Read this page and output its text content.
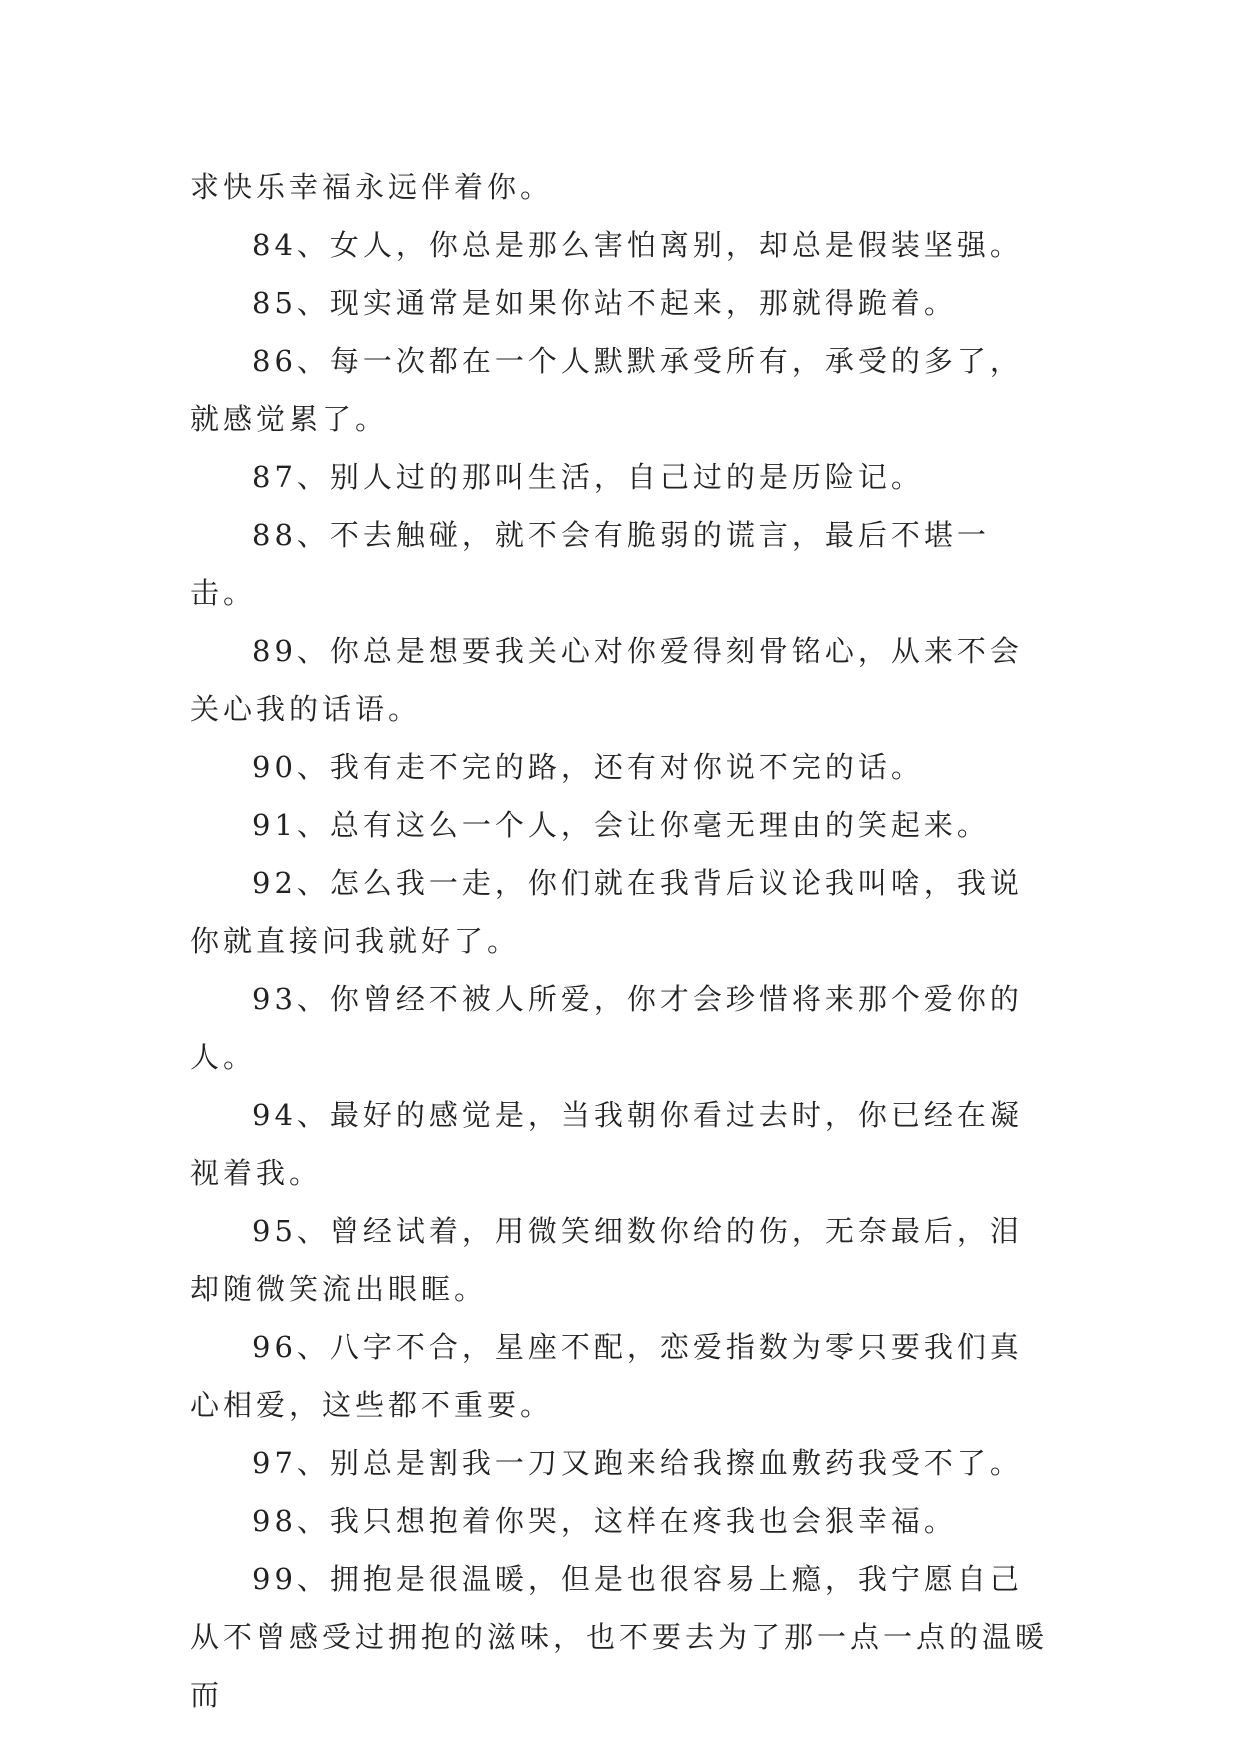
求快乐幸福永远伴着你。

84、女人，你总是那么害怕离别，却总是假装坚强。

85、现实通常是如果你站不起来，那就得跪着。

86、每一次都在一个人默默承受所有，承受的多了，就感觉累了。

87、别人过的那叫生活，自己过的是历险记。

88、不去触碰，就不会有脆弱的谎言，最后不堪一击。

89、你总是想要我关心对你爱得刻骨铭心，从来不会关心我的话语。

90、我有走不完的路，还有对你说不完的话。

91、总有这么一个人，会让你毫无理由的笑起来。

92、怎么我一走，你们就在我背后议论我叫啥，我说你就直接问我就好了。

93、你曾经不被人所爱，你才会珍惜将来那个爱你的人。

94、最好的感觉是，当我朝你看过去时，你已经在凝视着我。

95、曾经试着，用微笑细数你给的伤，无奈最后，泪却随微笑流出眼眶。

96、八字不合，星座不配，恋爱指数为零只要我们真心相爱，这些都不重要。

97、别总是割我一刀又跑来给我擦血敷药我受不了。

98、我只想抱着你哭，这样在疼我也会狠幸福。

99、拥抱是很温暖，但是也很容易上瘾，我宁愿自己从不曾感受过拥抱的滋味，也不要去为了那一点一点的温暖而
